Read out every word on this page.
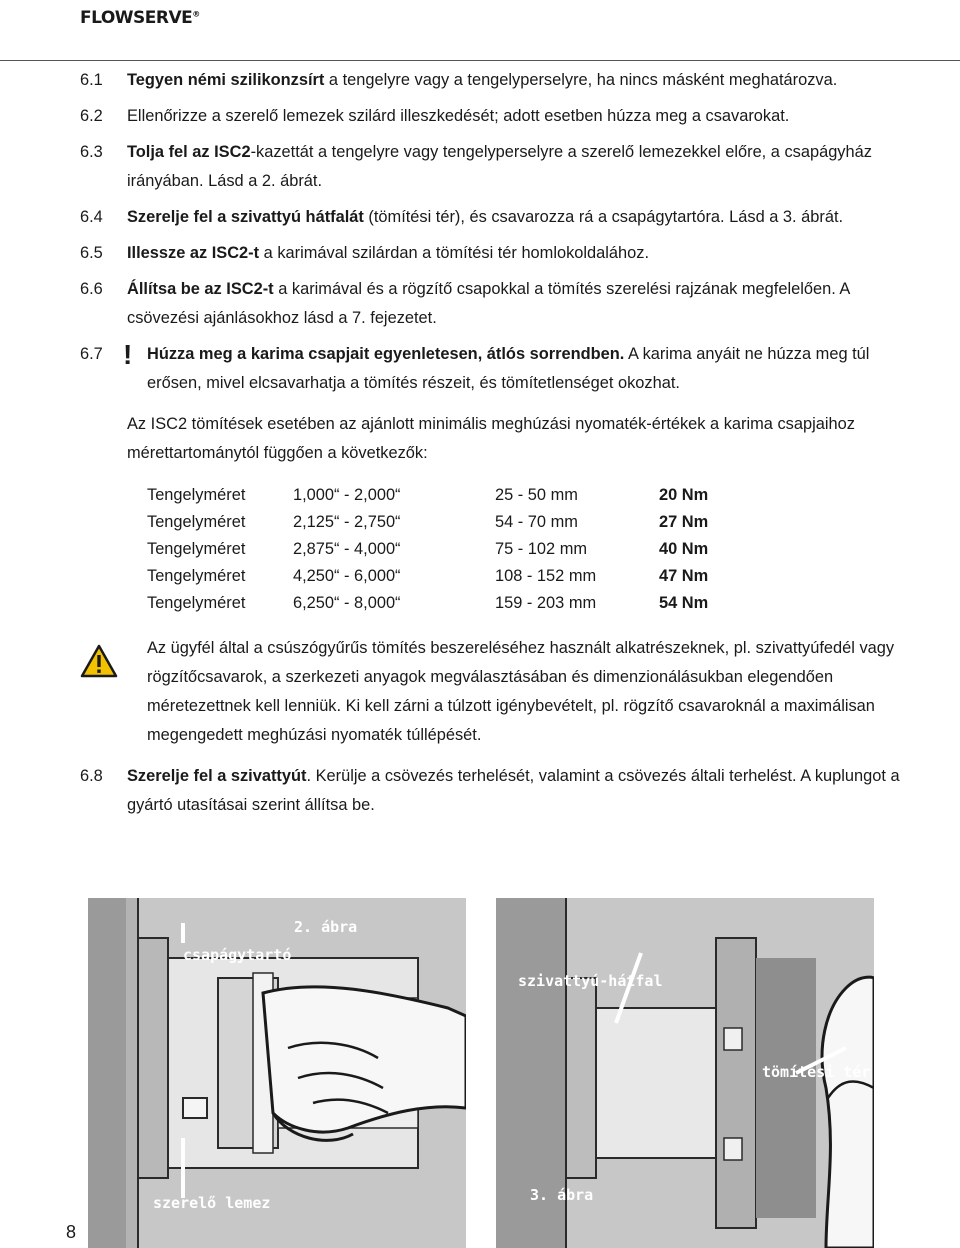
FLOWSERVE®
6.1	Tegyen némi szilikonzsírt a tengelyre vagy a tengelyperselyre, ha nincs másként meghatározva.
6.2	Ellenőrizze a szerelő lemezek szilárd illeszkedését; adott esetben húzza meg a csavarokat.
6.3	Tolja fel az ISC2-kazettát a tengelyre vagy tengelyperselyre a szerelő lemezekkel előre, a csapágyház irányában. Lásd a 2. ábrát.
6.4	Szerelje fel a szivattyú hátfalát (tömítési tér), és csavarozza rá a csapágytartóra. Lásd a 3. ábrát.
6.5	Illessze az ISC2-t a karimával szilárdan a tömítési tér homlokoldalához.
6.6	Állítsa be az ISC2-t a karimával és a rögzítő csapokkal a tömítés szerelési rajzának megfelelően. A csövezési ajánlásokhoz lásd a 7. fejezetet.
6.7 ! Húzza meg a karima csapjait egyenletesen, átlós sorrendben. A karima anyáit ne húzza meg túl erősen, mivel elcsavarhatja a tömítés részeit, és tömítetlenséget okozhat.
Az ISC2 tömítések esetében az ajánlott minimális meghúzási nyomaték-értékek a karima csapjaihoz mérettartománytól függően a következők:
Tengelyméret	1,000“ - 2,000“	25 - 50 mm	20 Nm
Tengelyméret	2,125“ - 2,750“	54 - 70 mm	27 Nm
Tengelyméret	2,875“ - 4,000“	75 - 102 mm	40 Nm
Tengelyméret	4,250“ - 6,000“	108 - 152 mm	47 Nm
Tengelyméret	6,250“ - 8,000“	159 - 203 mm	54 Nm
Az ügyfél által a csúszógyűrűs tömítés beszereléséhez használt alkatrészeknek, pl. szivattyúfedél vagy rögzítőcsavarok, a szerkezeti anyagok megválasztásában és dimenzionálásukban elegendően méretezettnek kell lenniük. Ki kell zárni a túlzott igénybevételt, pl. rögzítő csavaroknál a maximálisan megengedett meghúzási nyomaték túllépését.
6.8	Szerelje fel a szivattyút. Kerülje a csövezés terhelését, valamint a csövezés általi terhelést. A kuplungot a gyártó utasításai szerint állítsa be.
2. ábra
csapágytartó
szerelő lemez
szivattyú-hátfal
tömítési tér
3. ábra
8
